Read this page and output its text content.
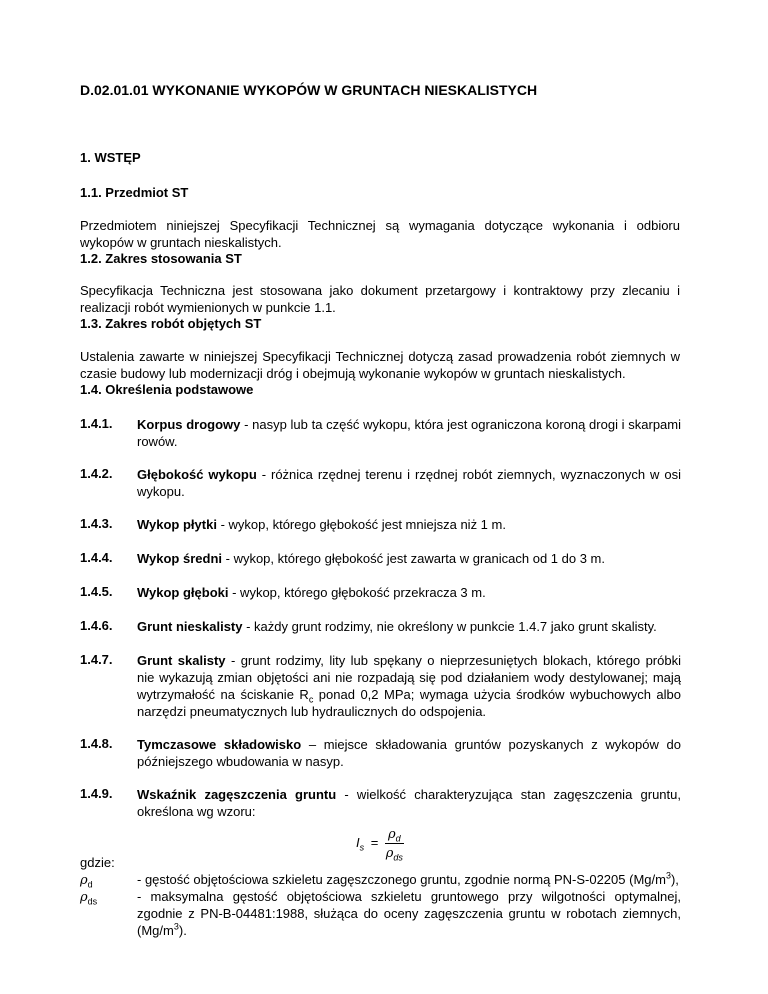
D.02.01.01 WYKONANIE WYKOPÓW W GRUNTACH NIESKALISTYCH
1. WSTĘP
1.1. Przedmiot ST
Przedmiotem niniejszej Specyfikacji Technicznej są wymagania dotyczące wykonania i odbioru
wykopów w gruntach nieskalistych.
1.2. Zakres stosowania ST
Specyfikacja Techniczna jest stosowana jako dokument przetargowy i kontraktowy przy zlecaniu i
realizacji robót wymienionych w punkcie 1.1.
1.3. Zakres robót objętych ST
Ustalenia zawarte w niniejszej Specyfikacji Technicznej dotyczą zasad prowadzenia robót ziemnych w
czasie budowy lub modernizacji dróg i obejmują wykonanie wykopów w gruntach nieskalistych.
1.4. Określenia podstawowe
1.4.1. Korpus drogowy - nasyp lub ta część wykopu, która jest ograniczona koroną drogi i skarpami
rowów.
1.4.2. Głębokość wykopu - różnica rzędnej terenu i rzędnej robót ziemnych, wyznaczonych w osi
wykopu.
1.4.3. Wykop płytki - wykop, którego głębokość jest mniejsza niż 1 m.
1.4.4. Wykop średni - wykop, którego głębokość jest zawarta w granicach od 1 do 3 m.
1.4.5. Wykop głęboki - wykop, którego głębokość przekracza 3 m.
1.4.6. Grunt nieskalisty - każdy grunt rodzimy, nie określony w punkcie 1.4.7 jako grunt skalisty.
1.4.7. Grunt skalisty - grunt rodzimy, lity lub spękany o nieprzesuniętych blokach, którego próbki
nie wykazują zmian objętości ani nie rozpadają się pod działaniem wody destylowanej; mają
wytrzymałość na ściskanie $R_c$ ponad 0,2 MPa; wymaga użycia środków wybuchowych albo
narzędzi pneumatycznych lub hydraulicznych do odspojenia.
1.4.8. Tymczasowe składowisko – miejsce składowania gruntów pozyskanych z wykopów do
późniejszego wbudowania w nasyp.
1.4.9. Wskaźnik zagęszczenia gruntu - wielkość charakteryzująca stan zagęszczenia gruntu,
określona wg wzoru:
$I_s = \frac{\rho_d}{\rho_{ds}}$
gdzie:
$\rho_d$	- gęstość objętościowa szkieletu zagęszczonego gruntu, zgodnie normą PN-S-02205 $(Mg/m^3)$,
$\rho_{ds}$	- maksymalna gęstość objętościowa szkieletu gruntowego przy wilgotności optymalnej,
zgodnie z PN-B-04481:1988, służąca do oceny zagęszczenia gruntu w robotach ziemnych,
$(Mg/m^3)$.
